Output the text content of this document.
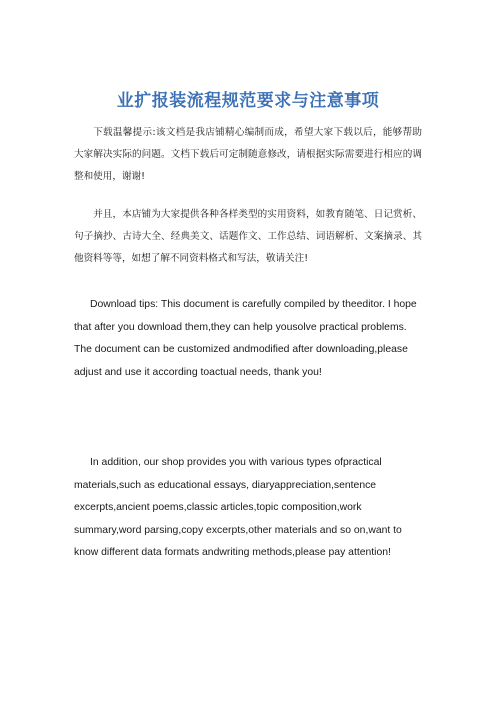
业扩报装流程规范要求与注意事项

下载温馨提示:该文档是我店铺精心编制而成，希望大家下载以后，能够帮助大家解决实际的问题。文档下载后可定制随意修改，请根据实际需要进行相应的调整和使用，谢谢!

并且，本店铺为大家提供各种各样类型的实用资料，如教育随笔、日记赏析、句子摘抄、古诗大全、经典美文、话题作文、工作总结、词语解析、文案摘录、其他资料等等，如想了解不同资料格式和写法，敬请关注!

Download tips: This document is carefully compiled by theeditor. I hope that after you download them,they can help yousolve practical problems. The document can be customized andmodified after downloading,please adjust and use it according toactual needs, thank you!

In addition, our shop provides you with various types ofpractical materials,such as educational essays, diaryappreciation,sentence excerpts,ancient poems,classic articles,topic composition,work summary,word parsing,copy excerpts,other materials and so on,want to know different data formats andwriting methods,please pay attention!
